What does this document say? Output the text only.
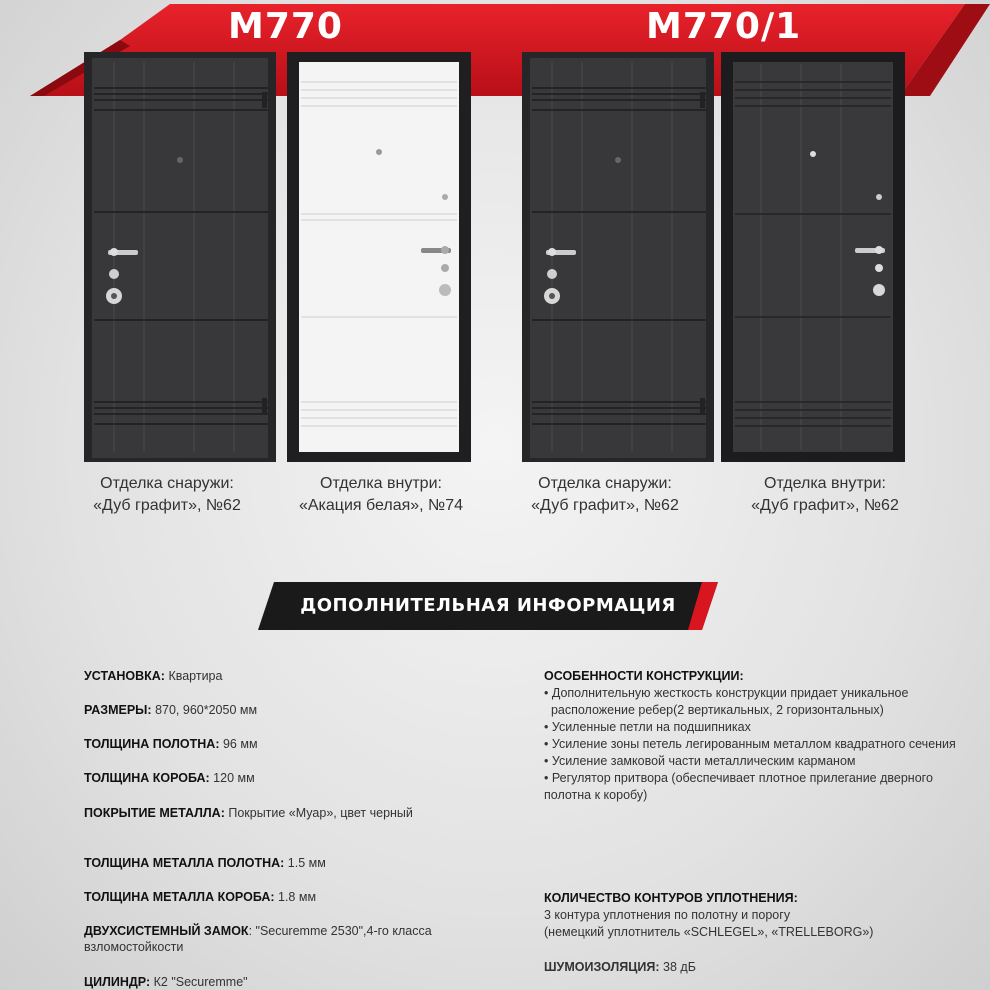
M770	M770/1
Отделка снаружи:
«Дуб графит», №62
Отделка внутри:
«Акация белая», №74
Отделка снаружи:
«Дуб графит», №62
Отделка внутри:
«Дуб графит», №62
ДОПОЛНИТЕЛЬНАЯ ИНФОРМАЦИЯ
УСТАНОВКА: Квартира
РАЗМЕРЫ: 870, 960*2050 мм
ТОЛЩИНА ПОЛОТНА: 96 мм
ТОЛЩИНА КОРОБА: 120 мм
ПОКРЫТИЕ МЕТАЛЛА: Покрытие «Муар», цвет черный
ТОЛЩИНА МЕТАЛЛА ПОЛОТНА: 1.5 мм
ТОЛЩИНА МЕТАЛЛА КОРОБА: 1.8 мм
ДВУХСИСТЕМНЫЙ ЗАМОК: "Securemme 2530",4-го класса взломостойкости
ЦИЛИНДР: К2 "Securemme"
ОСОБЕННОСТИ КОНСТРУКЦИИ:
• Дополнительную жесткость конструкции придает уникальное
расположение ребер(2 вертикальных, 2 горизонтальных)
• Усиленные петли на подшипниках
• Усиление зоны петель легированным металлом квадратного сечения
• Усиление замковой части металлическим карманом
• Регулятор притвора (обеспечивает плотное прилегание дверного полотна к коробу)
КОЛИЧЕСТВО КОНТУРОВ УПЛОТНЕНИЯ:
3 контура уплотнения по полотну и порогу
(немецкий уплотнитель «SCHLEGEL», «TRELLEBORG»)
ШУМОИЗОЛЯЦИЯ: 38 дБ
